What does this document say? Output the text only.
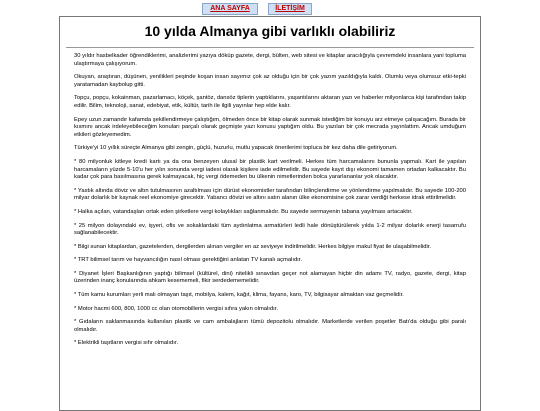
ANA SAYFA	İLETİŞİM
10 yılda Almanya gibi varlıklı olabiliriz

30 yıldır hasbelkader öğrendiklerimi, analizlerimi yazıya döküp gazete, dergi, bülten, web sitesi ve kitaplar aracılığıyla çevremdeki insanlara yani topluma ulaştırmaya çalışıyorum.

Okuyan, araştıran, düşünen, yenilikleri peşinde koşan insan sayımız çok az olduğu için bir çok yazım yazıldığıyla kaldı. Olumlu veya olumsuz etki-tepki yaratamadan kaybolup gitti.

Topçu, popçu, kokainman, pazarlamacı, köçek, şantöz, dansöz tiplerin yaptıklarını, yaşantılarını aktaran yazı ve haberler milyonlarca kişi tarafından takip edilir. Bilim, teknoloji, sanat, edebiyat, etik, kültür, tarih ile ilgili yayınlar hep elde kalır.

Epey uzun zamandır kafamda şekillendirmeye çalıştığım, ölmeden önce bir kitap olarak sunmak istediğim bir konuyu arz etmeye çalışacağım. Burada bir kısmını ancak irdeleyebileceğim konuları parçalı olarak geçmişte yazı konusu yaptığım oldu. Bu yazıları bir çok mecrada yayınlattım. Ancak umduğum etkileri gözleyemedim.

Türkiye'yi 10 yıllık süreçte Almanya gibi zengin, güçlü, huzurlu, mutlu yapacak önerilerimi topluca bir kez daha dile getiriyorum.

* 80 milyonluk kitleye kredi kartı ya da ona benzeyen ulusal bir plastik kart verilmeli. Herkes tüm harcamalarını bununla yapmalı. Kart ile yapılan harcamaların yüzde 5-10'u her yılın sonunda vergi iadesi olarak kişilere iade edilmelidir. Bu sayede kayıt dışı ekonomi tamamen ortadan kalkacaktır. Bu kadar çok para basılmasına gerek kalmayacak, hiç vergi ödemeden bu ülkenin nimetlerinden bolca yararlananlar yok olacaktır.

* Yastık altında döviz ve altın tutulmasının azaltılması için dürüst ekonomistler tarafından bilinçlendirme ve yönlendirme yapılmalıdır. Bu sayede 100-200 milyar dolarlık bir kaynak reel ekonomiye girecektir. Yabancı dövizi ve altını satın alanın ülke ekonomisine çok zarar verdiği herkese idrak ettirilmelidir.

* Halka açılan, vatandaşları ortak eden şirketlere vergi kolaylıkları sağlanmalıdır. Bu sayede sermayenin tabana yayılması artacaktır.

* 25 milyon dolayındaki ev, işyeri, ofis ve sokaklardaki tüm aydınlatma armatürleri ledli hale dönüştürülerek yılda 1-2 milyar dolarlık enerji tasarrufu sağlanabilecektir.

* Bilgi sunan kitaplardan, gazetelerden, dergilerden alınan vergiler en az seviyeye indirilmelidir. Herkes bilgiye makul fiyat ile ulaşabilmelidir.

* TRT bilimsel tarım ve hayvancılığın nasıl olması gerektiğini anlatan TV kanalı açmalıdır.

* Diyanet İşleri Başkanlığının yaptığı bilimsel (kültürel, dini) nitelikli sınavdan geçer not alamayan hiçbir din adamı TV, radyo, gazete, dergi, kitap üzerinden inanç konularında ahkam kesememeli, fikir serdedememelidir.

* Tüm kamu kurumları yerli malı olmayan taşıt, mobilya, kalem, kağıt, klima, fayans, karo, TV, bilgisayar almaktan vaz geçmelidir.

* Motor hacmi 600, 800, 1000 cc olan otomobillerin vergisi sıfıra yakın olmalıdır.

* Gıdaların saklanmasında kullanılan plastik ve cam ambalajların tümü depozitolu olmalıdır. Marketlerde verilen poşetler Batı'da olduğu gibi paralı olmalıdır.

* Elektrikli taşıtların vergisi sıfır olmalıdır.
